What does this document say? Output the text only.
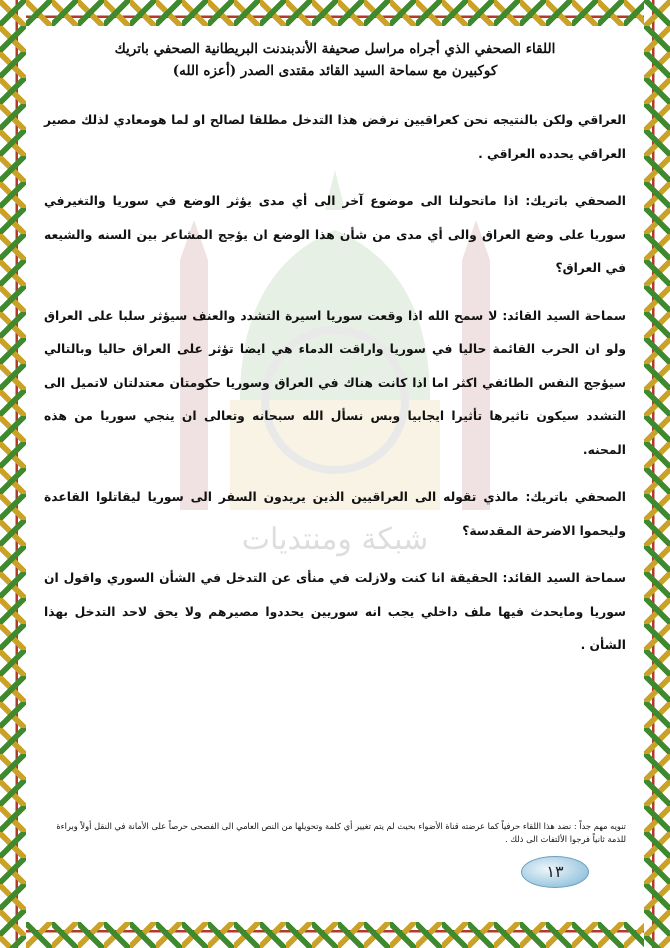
شبكة ومنتديات
اللقاء الصحفي الذي أجراه مراسل صحيفة الأندبندنت البريطانية الصحفي باتريك
كوكبيرن مع سماحة السيد القائد مقتدى الصدر (أعزه الله)

العراقي ولكن بالنتيجه نحن كعراقيين نرفض هذا التدخل مطلقا لصالح او لما هومعادي لذلك مصير العراقي يحدده العراقي .

الصحفي باتريك: اذا ماتحولنا الى موضوع آخر الى أي مدى يؤثر الوضع في سوريا والتغيرفي سوريا على وضع العراق والى أي مدى من شأن هذا الوضع ان يؤجج المشاعر بين السنه والشيعه في العراق؟

سماحة السيد القائد: لا سمح الله اذا وقعت سوريا اسيرة التشدد والعنف سيؤثر سلبا على العراق ولو ان الحرب القائمة حاليا في سوريا واراقت الدماء هي ايضا تؤثر على العراق حاليا وبالتالي سيؤجج النفس الطائفي اكثر اما اذا كانت هناك في العراق وسوريا حكومتان معتدلتان لاتميل الى التشدد سيكون تاثيرها تأثيرا ايجابيا وبس نسأل الله سبحانه وتعالى ان ينجي سوريا من هذه المحنه.

الصحفي باتريك: مالذي تقوله الى العراقيين الذين يريدون السفر الى سوريا ليقاتلوا القاعدة وليحموا الاضرحة المقدسة؟

سماحة السيد القائد: الحقيقة انا كنت ولازلت في منأى عن التدخل في الشأن السوري واقول ان سوريا ومايحدث فيها ملف داخلي يجب انه سوريين يحددوا مصيرهم ولا يحق لاحد التدخل بهذا الشأن .

تنويه مهم جداً : نضد هذا اللقاء حرفياً كما عرضته قناة الأضواء بحيث لم يتم تغيير أي كلمة وتحويلها من النص العامي الى الفصحى حرصاً على الأمانة في النقل أولاً وبراءة للذمة ثانياً فرجوا الألتفات الى ذلك .
١٣
